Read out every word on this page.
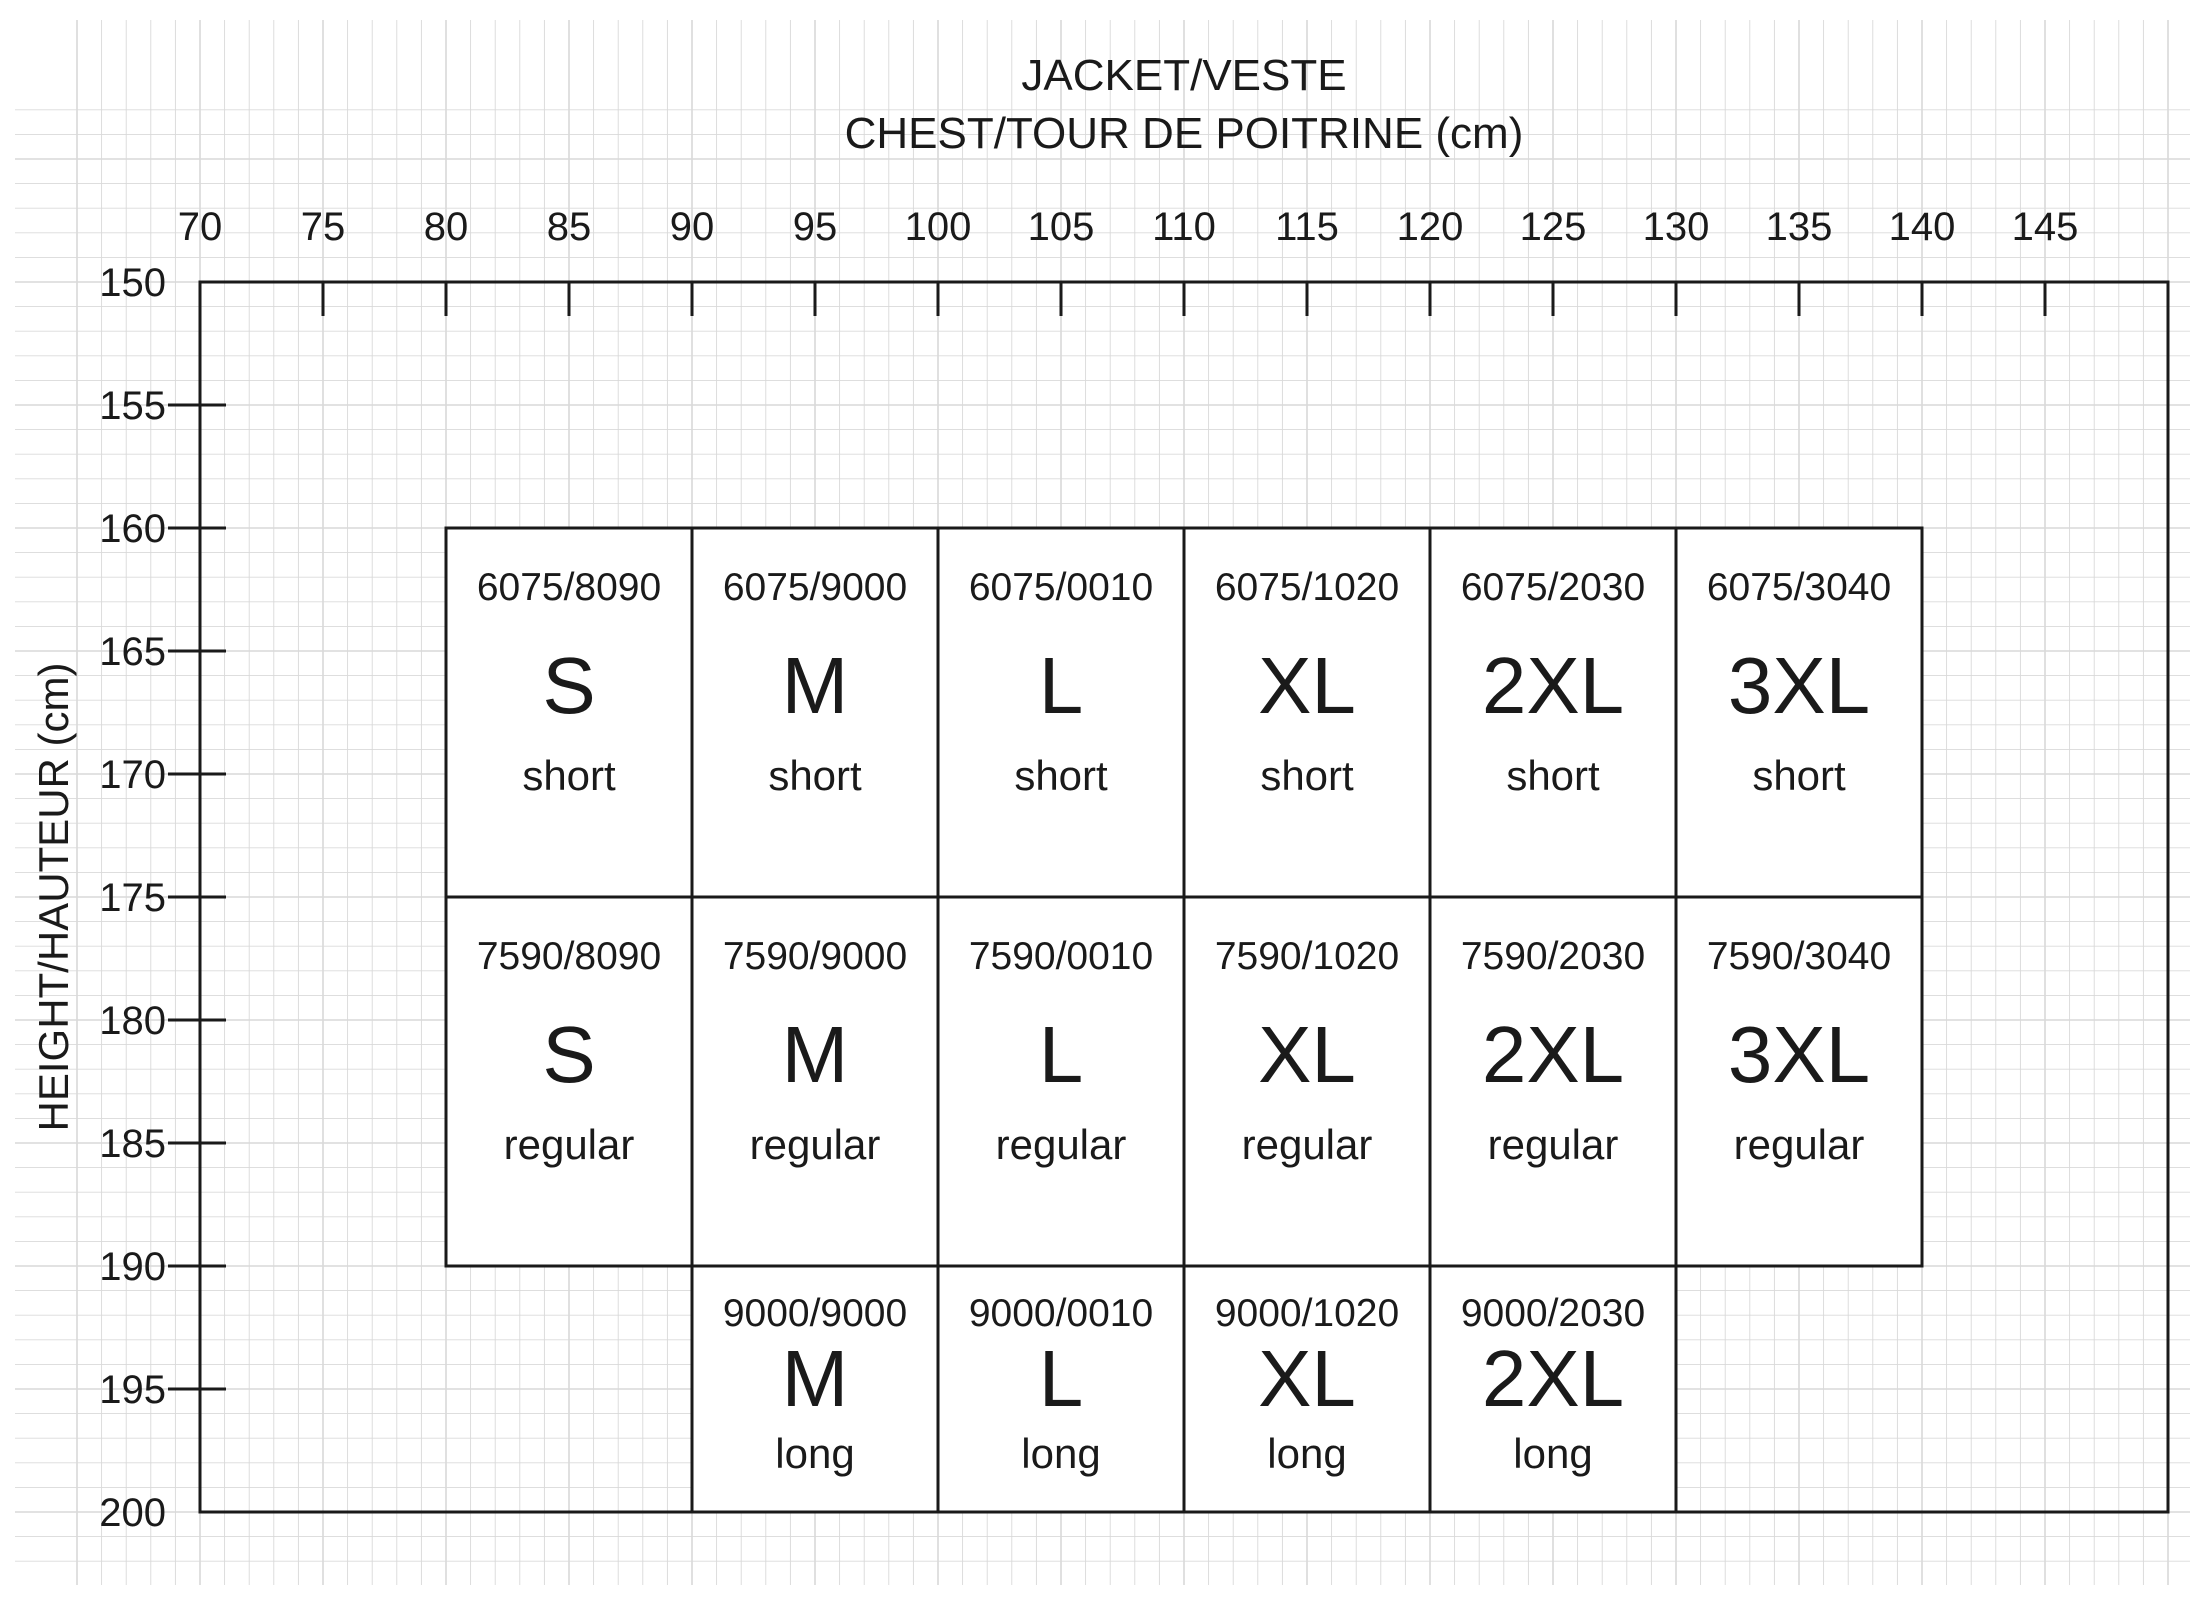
6075/8090
S
short
6075/9000
M
short
6075/0010
L
short
6075/1020
XL
short
6075/2030
2XL
short
6075/3040
3XL
short
7590/8090
S
regular
7590/9000
M
regular
7590/0010
L
regular
7590/1020
XL
regular
7590/2030
2XL
regular
7590/3040
3XL
regular
9000/9000
M
long
9000/0010
L
long
9000/1020
XL
long
9000/2030
2XL
long
70 75 80 85 90 95 100 105 110 115 120 125 130 135 140 145
150
155
160
165
170
175
180
185
190
195
200
JACKET/VESTE
CHEST/TOUR DE POITRINE (cm)
HEIGHT/HAUTEUR (cm)
